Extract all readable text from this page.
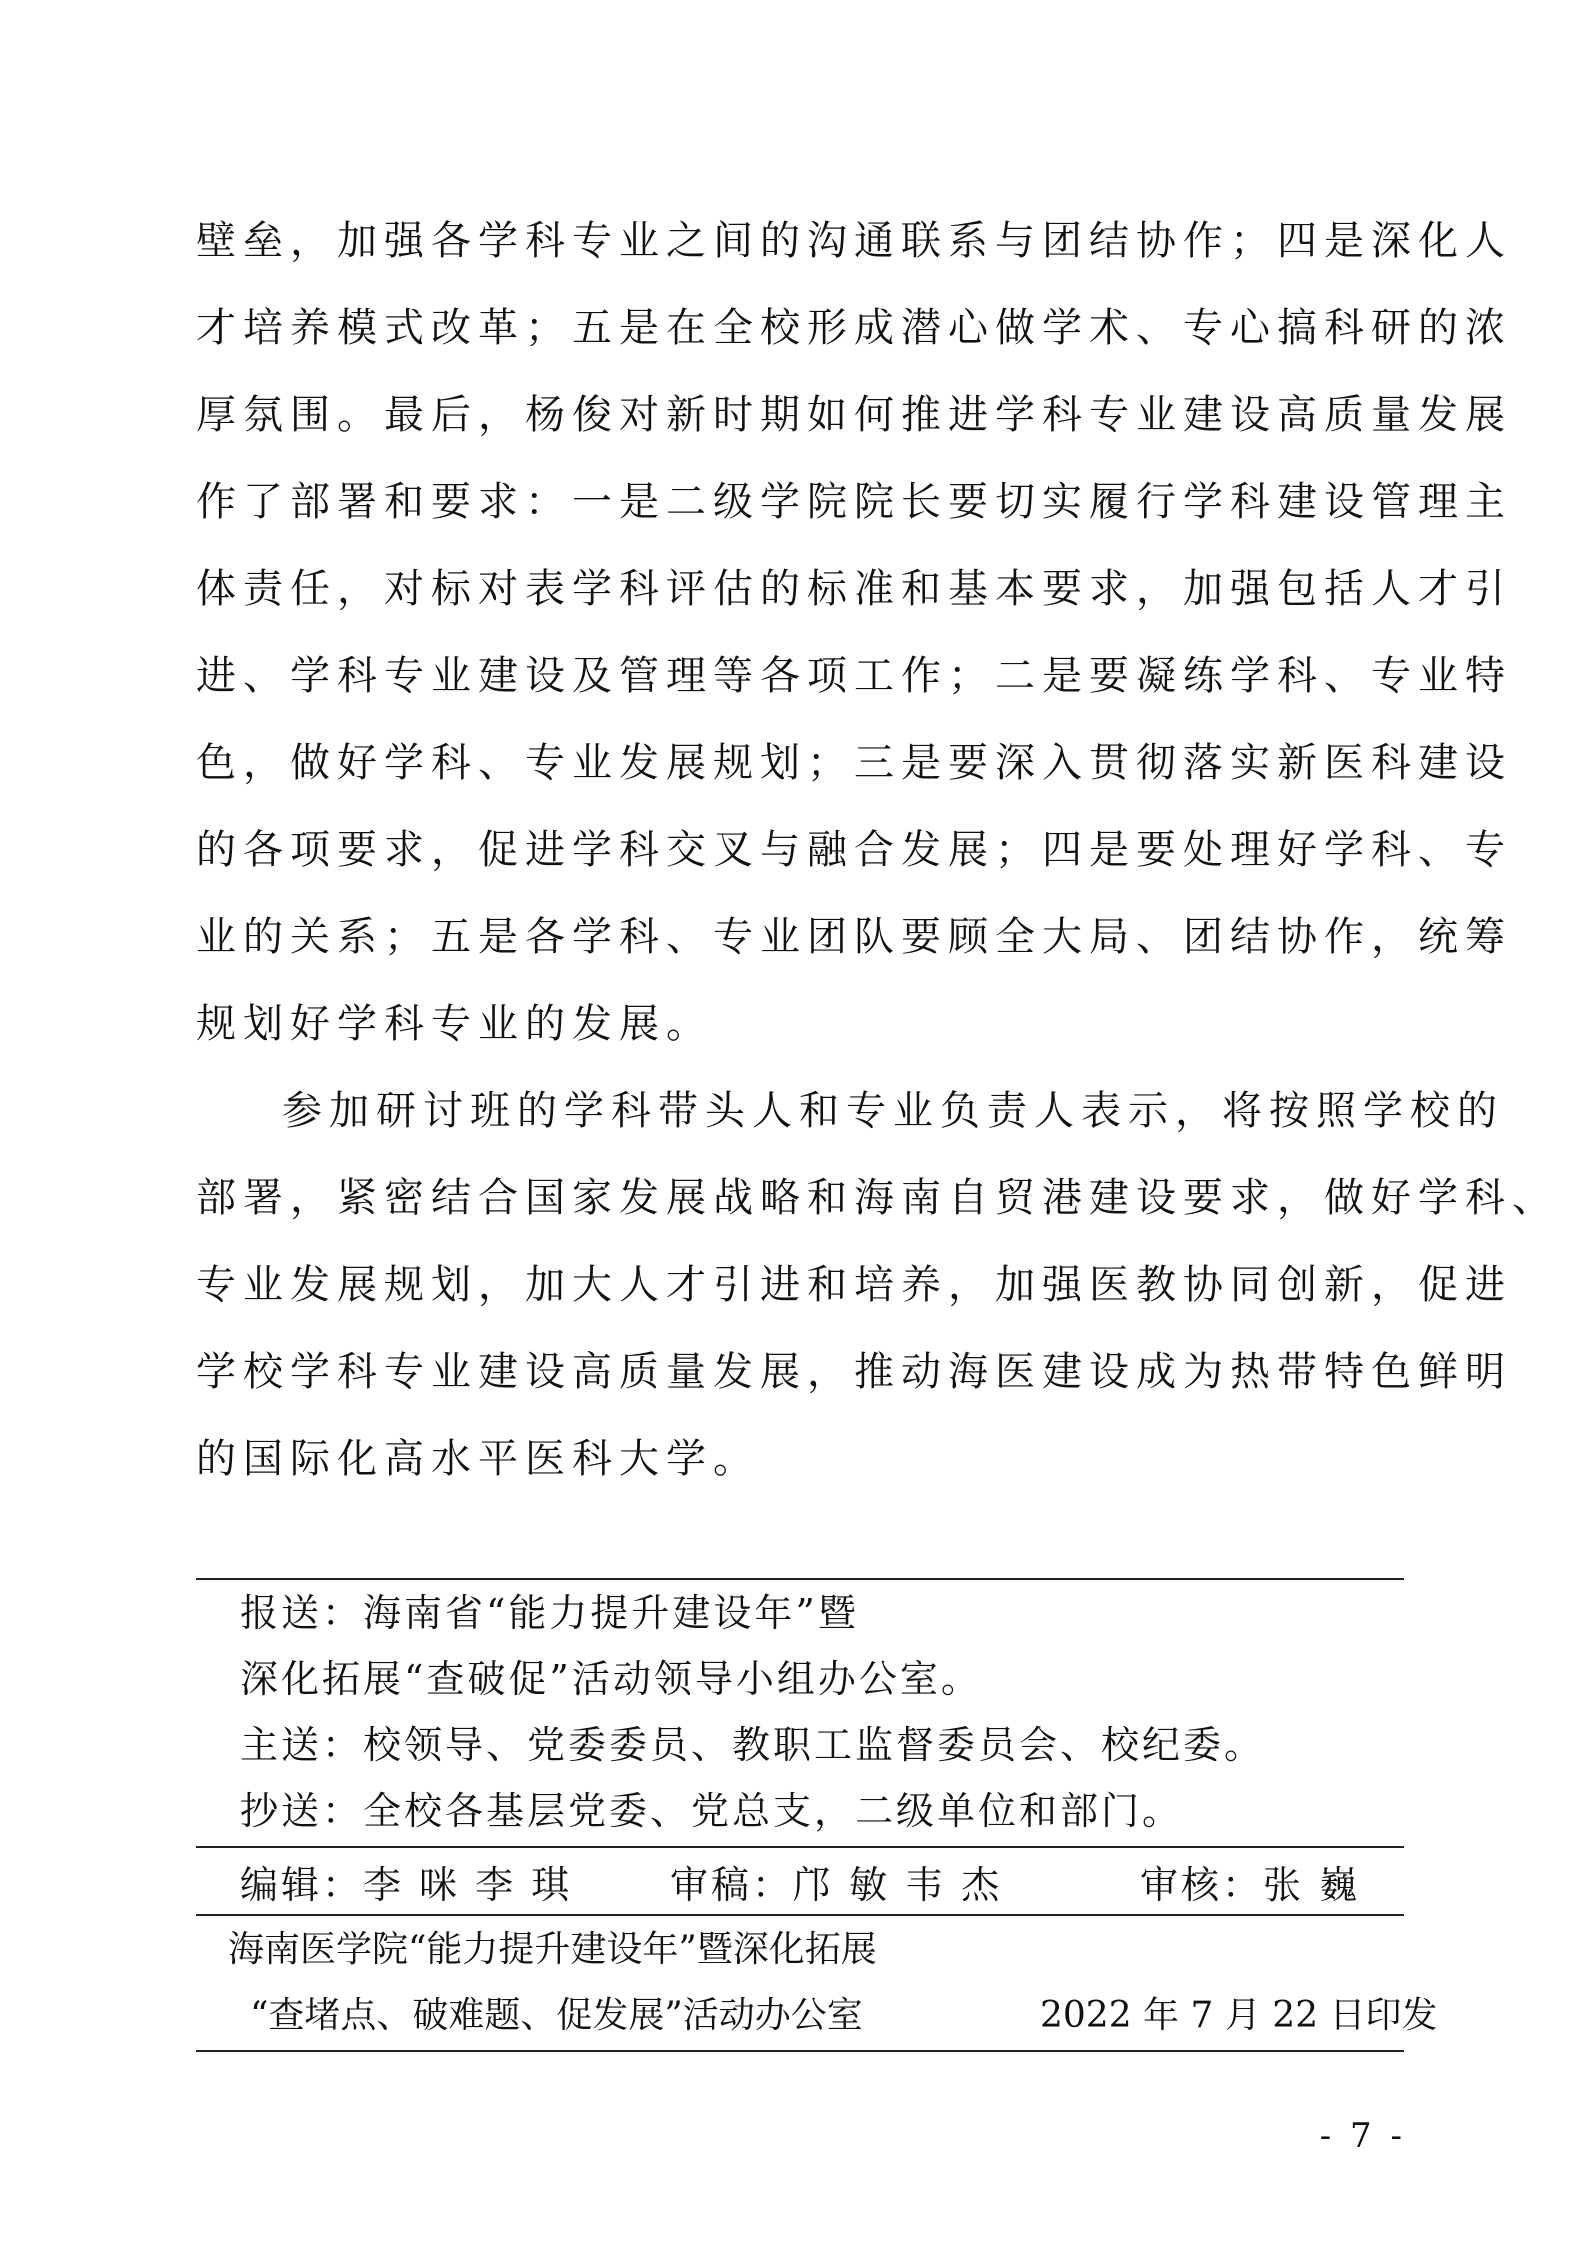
壁垒，加强各学科专业之间的沟通联系与团结协作；四是深化人
才培养模式改革；五是在全校形成潜心做学术、专心搞科研的浓
厚氛围。最后，杨俊对新时期如何推进学科专业建设高质量发展
作了部署和要求：一是二级学院院长要切实履行学科建设管理主
体责任，对标对表学科评估的标准和基本要求，加强包括人才引
进、学科专业建设及管理等各项工作；二是要凝练学科、专业特
色，做好学科、专业发展规划；三是要深入贯彻落实新医科建设
的各项要求，促进学科交叉与融合发展；四是要处理好学科、专
业的关系；五是各学科、专业团队要顾全大局、团结协作，统筹
规划好学科专业的发展。
参加研讨班的学科带头人和专业负责人表示，将按照学校的
部署，紧密结合国家发展战略和海南自贸港建设要求，做好学科、
专业发展规划，加大人才引进和培养，加强医教协同创新，促进
学校学科专业建设高质量发展，推动海医建设成为热带特色鲜明
的国际化高水平医科大学。
报送：海南省“能力提升建设年”暨
深化拓展“查破促”活动领导小组办公室。
主送：校领导、党委委员、教职工监督委员会、校纪委。
抄送：全校各基层党委、党总支，二级单位和部门。
编辑：李 咪 李 琪	审稿：邝 敏 韦 杰	审核：张 巍
海南医学院“能力提升建设年”暨深化拓展
“查堵点、破难题、促发展”活动办公室	2022 年 7 月 22 日印发
- 7 -
